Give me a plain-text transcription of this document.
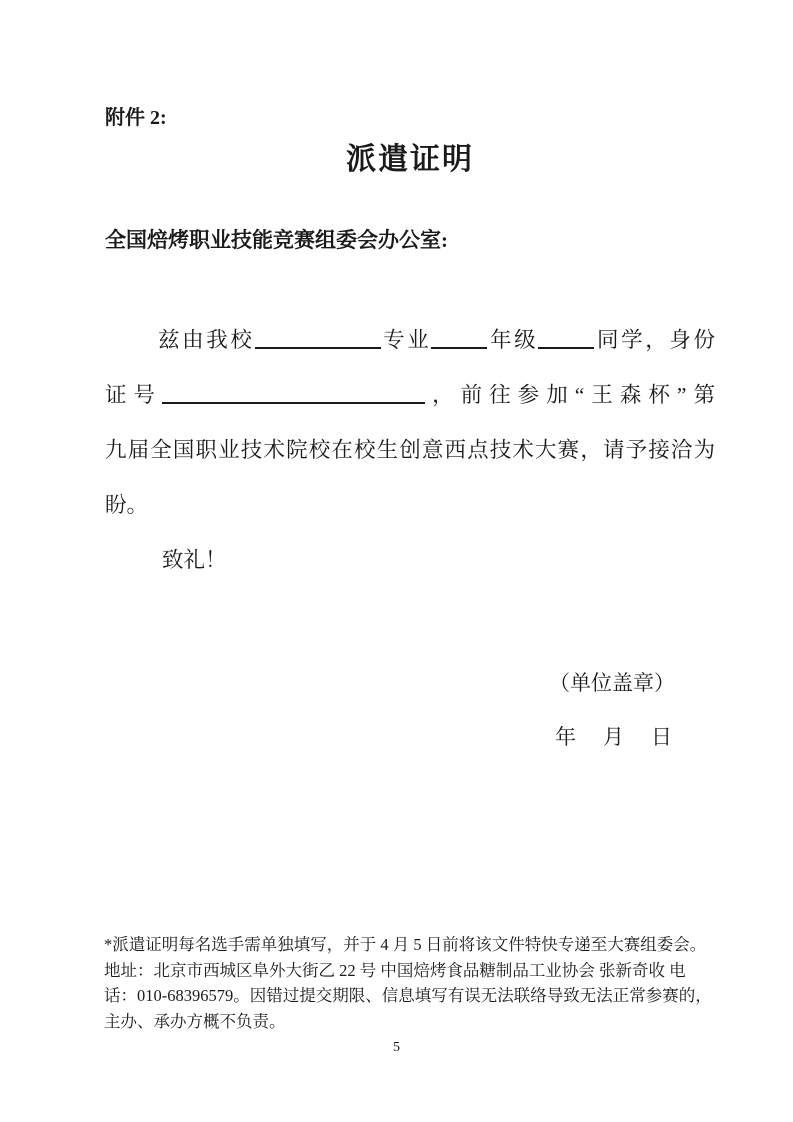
附件 2:
派遣证明
全国焙烤职业技能竞赛组委会办公室:
兹由我校	专业	年级	同学，身份
证号	，前往参加“王森杯”第
九届全国职业技术院校在校生创意西点技术大赛，请予接洽为
盼。
致礼！
（单位盖章）
年　月　日
*派遣证明每名选手需单独填写，并于 4 月 5 日前将该文件特快专递至大赛组委会。
地址：北京市西城区阜外大街乙 22 号 中国焙烤食品糖制品工业协会 张新奇收 电
话：010-68396579。因错过提交期限、信息填写有误无法联络导致无法正常参赛的，
主办、承办方概不负责。
5
